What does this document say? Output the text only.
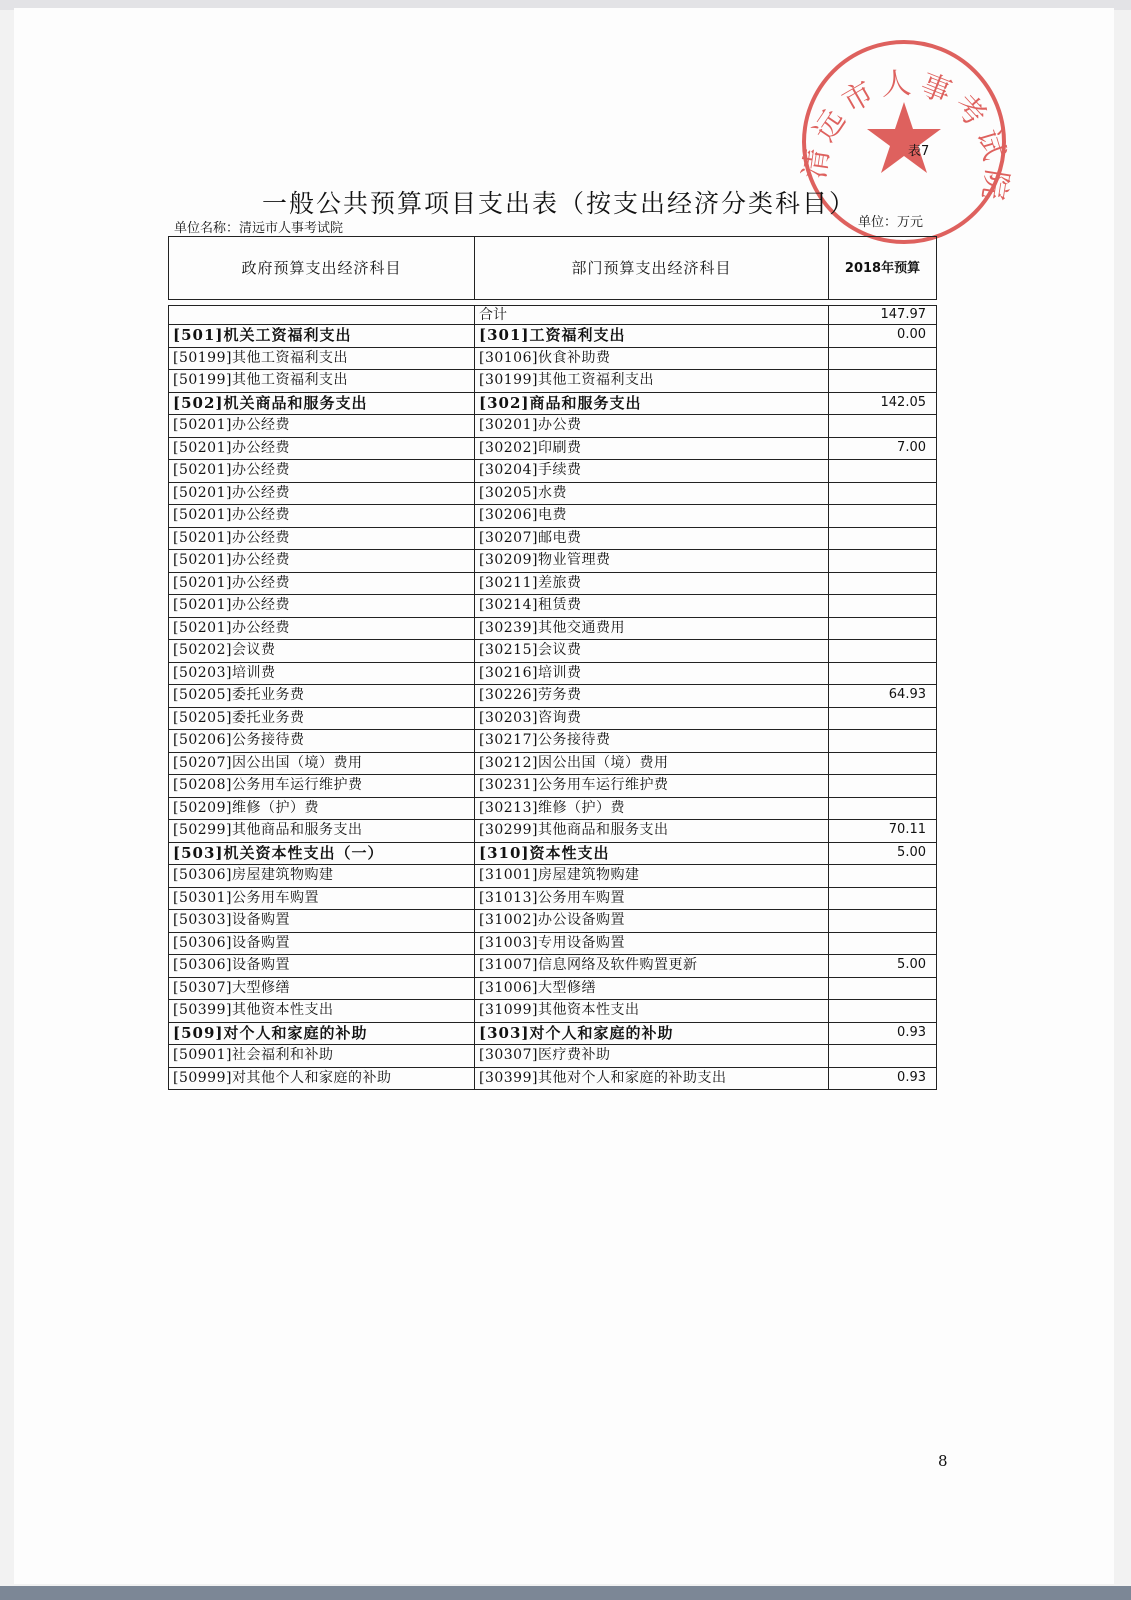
清远市人事考试院
一般公共预算项目支出表（按支出经济分类科目）
表7
单位名称：清远市人事考试院	单位：万元
政府预算支出经济科目	部门预算支出经济科目	2018年预算

	合计	147.97
[501]机关工资福利支出	[301]工资福利支出	0.00
[50199]其他工资福利支出	[30106]伙食补助费	
[50199]其他工资福利支出	[30199]其他工资福利支出	
[502]机关商品和服务支出	[302]商品和服务支出	142.05
[50201]办公经费	[30201]办公费	
[50201]办公经费	[30202]印刷费	7.00
[50201]办公经费	[30204]手续费	
[50201]办公经费	[30205]水费	
[50201]办公经费	[30206]电费	
[50201]办公经费	[30207]邮电费	
[50201]办公经费	[30209]物业管理费	
[50201]办公经费	[30211]差旅费	
[50201]办公经费	[30214]租赁费	
[50201]办公经费	[30239]其他交通费用	
[50202]会议费	[30215]会议费	
[50203]培训费	[30216]培训费	
[50205]委托业务费	[30226]劳务费	64.93
[50205]委托业务费	[30203]咨询费	
[50206]公务接待费	[30217]公务接待费	
[50207]因公出国（境）费用	[30212]因公出国（境）费用	
[50208]公务用车运行维护费	[30231]公务用车运行维护费	
[50209]维修（护）费	[30213]维修（护）费	
[50299]其他商品和服务支出	[30299]其他商品和服务支出	70.11
[503]机关资本性支出（一）	[310]资本性支出	5.00
[50306]房屋建筑物购建	[31001]房屋建筑物购建	
[50301]公务用车购置	[31013]公务用车购置	
[50303]设备购置	[31002]办公设备购置	
[50306]设备购置	[31003]专用设备购置	
[50306]设备购置	[31007]信息网络及软件购置更新	5.00
[50307]大型修缮	[31006]大型修缮	
[50399]其他资本性支出	[31099]其他资本性支出	
[509]对个人和家庭的补助	[303]对个人和家庭的补助	0.93
[50901]社会福利和补助	[30307]医疗费补助	
[50999]对其他个人和家庭的补助	[30399]其他对个人和家庭的补助支出	0.93
8
